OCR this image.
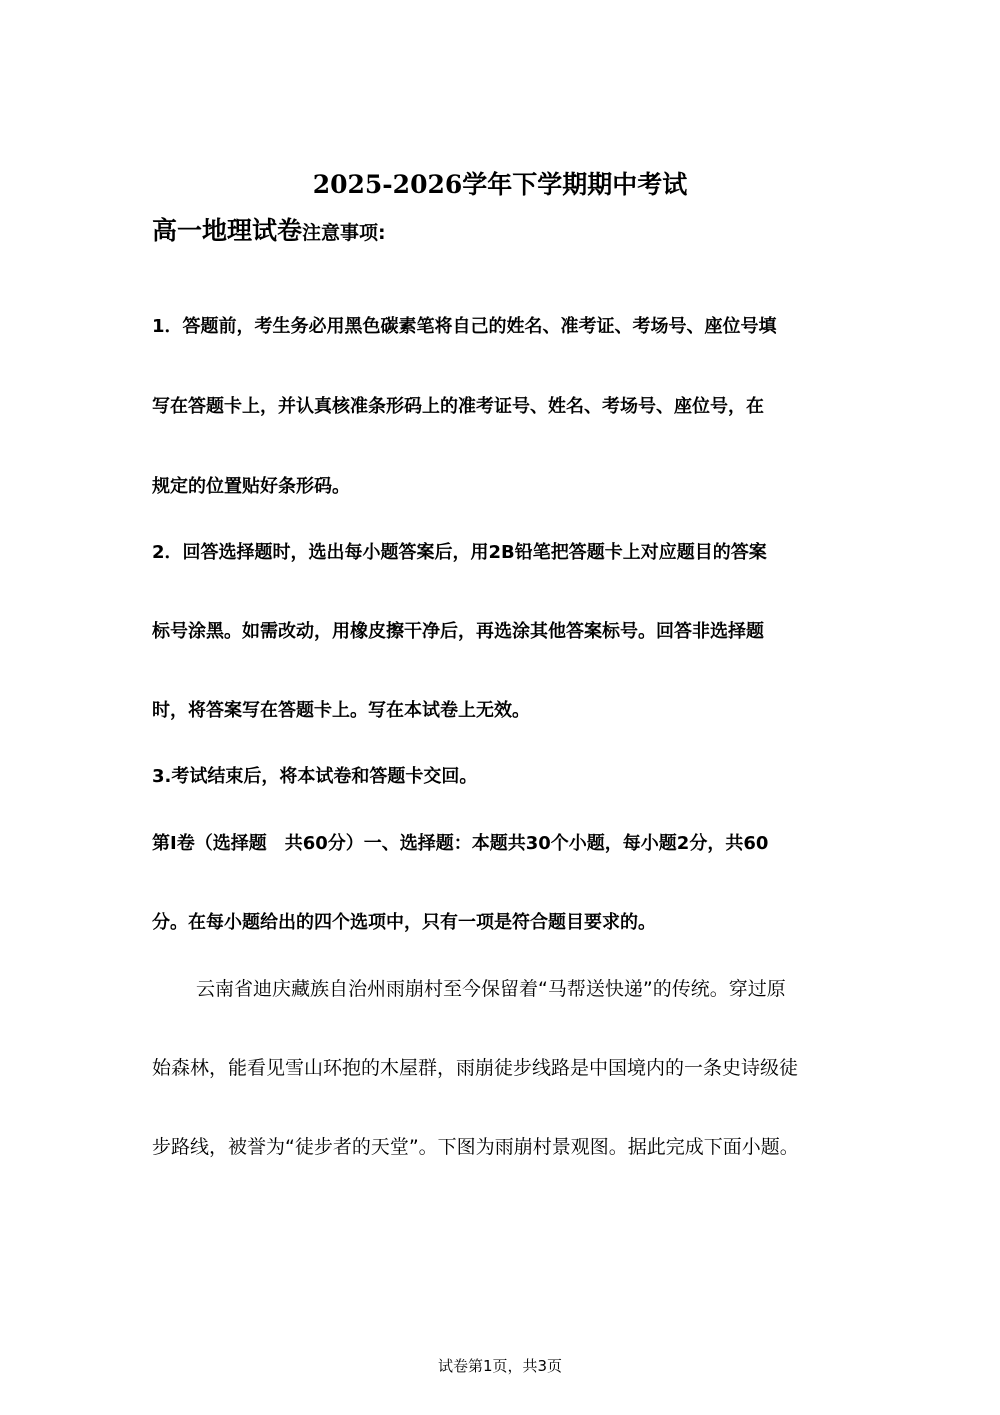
2025-2026学年下学期期中考试
高一地理试卷注意事项:
1．答题前，考生务必用黑色碳素笔将自己的姓名、准考证、考场号、座位号填
写在答题卡上，并认真核准条形码上的准考证号、姓名、考场号、座位号，在
规定的位置贴好条形码。
2．回答选择题时，选出每小题答案后，用2B铅笔把答题卡上对应题目的答案
标号涂黑。如需改动，用橡皮擦干净后，再选涂其他答案标号。回答非选择题
时，将答案写在答题卡上。写在本试卷上无效。
3.考试结束后，将本试卷和答题卡交回。
第I卷（选择题　共60分）一、选择题：本题共30个小题，每小题2分，共60
分。在每小题给出的四个选项中，只有一项是符合题目要求的。
云南省迪庆藏族自治州雨崩村至今保留着“马帮送快递”的传统。穿过原
始森林，能看见雪山环抱的木屋群，雨崩徒步线路是中国境内的一条史诗级徒
步路线，被誉为“徒步者的天堂”。下图为雨崩村景观图。据此完成下面小题。
试卷第1页，共3页
